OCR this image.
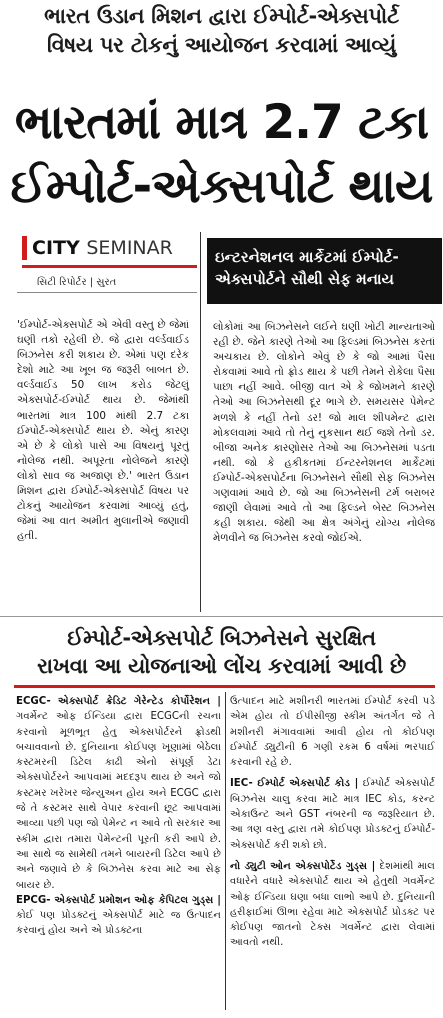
ભારત ઉડાન મિશન દ્વારા ઈમ્પોર્ટ-એક્સપોર્ટ
વિષય પર ટોકનું આયોજન કરવામાં આવ્યું
ભારતમાં માત્ર 2.7 ટકા
ઈમ્પોર્ટ-એક્સપોર્ટ થાય
CITY SEMINAR
સિટી રિપોર્ટર | સુરત
ઇન્ટરનેશનલ માર્કેટમાં ઈમ્પોર્ટ-
એક્સપોર્ટને સૌથી સેફ મનાય
'ઈમ્પોર્ટ-એક્સપોર્ટ એ એવી વસ્તુ છે જેમાં ઘણી તકો રહેલી છે. જે દ્વારા વર્લ્ડવાઈડ બિઝનેસ કરી શકાય છે. એમાં પણ દરેક દેશો માટે આ ખૂબ જ જરૂરી બાબત છે. વર્લ્ડવાઈડ 50 લાખ કરોડ જેટલું એક્સપોર્ટ-ઈમ્પોર્ટ થાય છે. જેમાંથી ભારતમાં માત્ર 100 માંથી 2.7 ટકા ઈમ્પોર્ટ-એક્સપોર્ટ થાય છે. એનું કારણ એ છે કે લોકો પાસે આ વિષયનું પૂરતું નોલેજ નથી. અપૂરતા નોલેજને કારણે લોકો સાવ જ અજાણ છે.' ભારત ઉડાન મિશન દ્વારા ઈમ્પોર્ટ-એક્સપોર્ટ વિષય પર ટોકનું આયોજન કરવામાં આવ્યું હતું, જેમાં આ વાત અમીત મુલાનીએ જણાવી હતી.
લોકોમાં આ બિઝનેસને લઈને ઘણી ખોટી માન્યતાઓ રહી છે. જેને કારણે તેઓ આ ફિલ્ડમાં બિઝનેસ કરતાં અચકાય છે. લોકોને એવું છે કે જો આમાં પૈસા રોકવામાં આવે તો ફ્રોડ થાય કે પછી તેમને રોકેલા પૈસા પાછા નહીં આવે. બીજી વાત એ કે જોખમને કારણે તેઓ આ બિઝનેસથી દૂર ભાગે છે. સમયસર પેમેન્ટ મળશે કે નહીં તેનો ડર! જો માલ શીપમેન્ટ દ્વારા મોકલવામાં આવે તો તેનું નુકસાન થઈ જશે તેનો ડર. બીજા અનેક કારણોસર તેઓ આ બિઝનેસમાં પડતા નથી. જો કે હકીકતમાં ઈન્ટરનેશનલ માર્કેટમાં ઈમ્પોર્ટ-એક્સપોર્ટના બિઝનેસને સૌથી સેફ બિઝનેસ ગણવામાં આવે છે. જો આ બિઝનેસની ટર્મ બરાબર જાણી લેવામાં આવે તો આ ફિલ્ડને બેસ્ટ બિઝનેસ કહી શકાય. જેથી આ ક્ષેત્ર અંગેનું યોગ્ય નોલેજ મેળવીને જ બિઝનેસ કરવો જોઈએ.
ઈમ્પોર્ટ-એક્સપોર્ટ બિઝનેસને સુરક્ષિત
રાખવા આ યોજનાઓ લોંચ કરવામાં આવી છે
ECGC- એક્સપોર્ટ ક્રેડિટ ગેરેન્ટેડ કોર્પોરેશન | ગવર્મેન્ટ ઓફ ઈન્ડિયા દ્વારા ECGCની રચના કરવાનો મૂળભૂત હેતુ એક્સપોર્ટરને ફ્રોડથી બચાવવાનો છે. દુનિયાના કોઈપણ ખૂણામાં બેઠેલા કસ્ટમરની ડિટેલ કાઢી એનો સંપૂર્ણ ડેટા એક્સપોર્ટરને આપવામાં મદદરૂપ થાય છે અને જો કસ્ટમર ખરેખર જેન્યુઅન હોય અને ECGC દ્વારા જે તે કસ્ટમર સાથે વેપાર કરવાની છૂટ આપવામાં આવ્યા પછી પણ જો પેમેન્ટ ન આવે તો સરકાર આ સ્કીમ દ્વારા તમારા પેમેન્ટની પૂરતી કરી આપે છે. આ સાથે જ સામેથી તમને બાયરની ડિટેલ આપે છે અને જણાવે છે કે બિઝનેસ કરવા માટે આ સેફ બાયર છે.
EPCG- એક્સપોર્ટ પ્રમોશન ઓફ કેપિટલ ગુડ્સ | કોઈ પણ પ્રોડક્ટનું એક્સપોર્ટ માટે જ ઉત્પાદન કરવાનું હોય અને એ પ્રોડક્ટના
ઉત્પાદન માટે મશીનરી ભારતમાં ઈમ્પોર્ટ કરવી પડે એમ હોય તો ઈપીસીજી સ્કીમ અંતર્ગત જે તે મશીનરી મંગાવવામાં આવી હોય તો કોઈપણ ઈમ્પોર્ટ ડ્યુટીની 6 ગણી રકમ 6 વર્ષમાં ભરપાઈ કરવાની રહે છે.
IEC- ઈમ્પોર્ટ એક્સપોર્ટ કોડ | ઈમ્પોર્ટ એક્સપોર્ટ બિઝનેસ ચાલુ કરવા માટે માત્ર IEC કોડ, કરન્ટ એકાઉન્ટ અને GST નંબરની જ જરૂરિયાત છે. આ ત્રણ વસ્તુ દ્વારા તમે કોઈપણ પ્રોડક્ટનું ઈમ્પોર્ટ-એક્સપોર્ટ કરી શકો છો.
નો ડ્યુટી ઓન એક્સપોર્ટેડ ગુડ્સ | દેશમાંથી માલ વધારેને વધારે એક્સપોર્ટ થાય એ હેતુથી ગવર્મેન્ટ ઓફ ઈન્ડિયા ઘણા બધા લાભો આપે છે. દુનિયાની હરીફાઈમાં ઊભા રહેવા માટે એક્સપોર્ટ પ્રોડક્ટ પર કોઈપણ જાતનો ટેક્સ ગવર્મેન્ટ દ્વારા લેવામાં આવતો નથી.
